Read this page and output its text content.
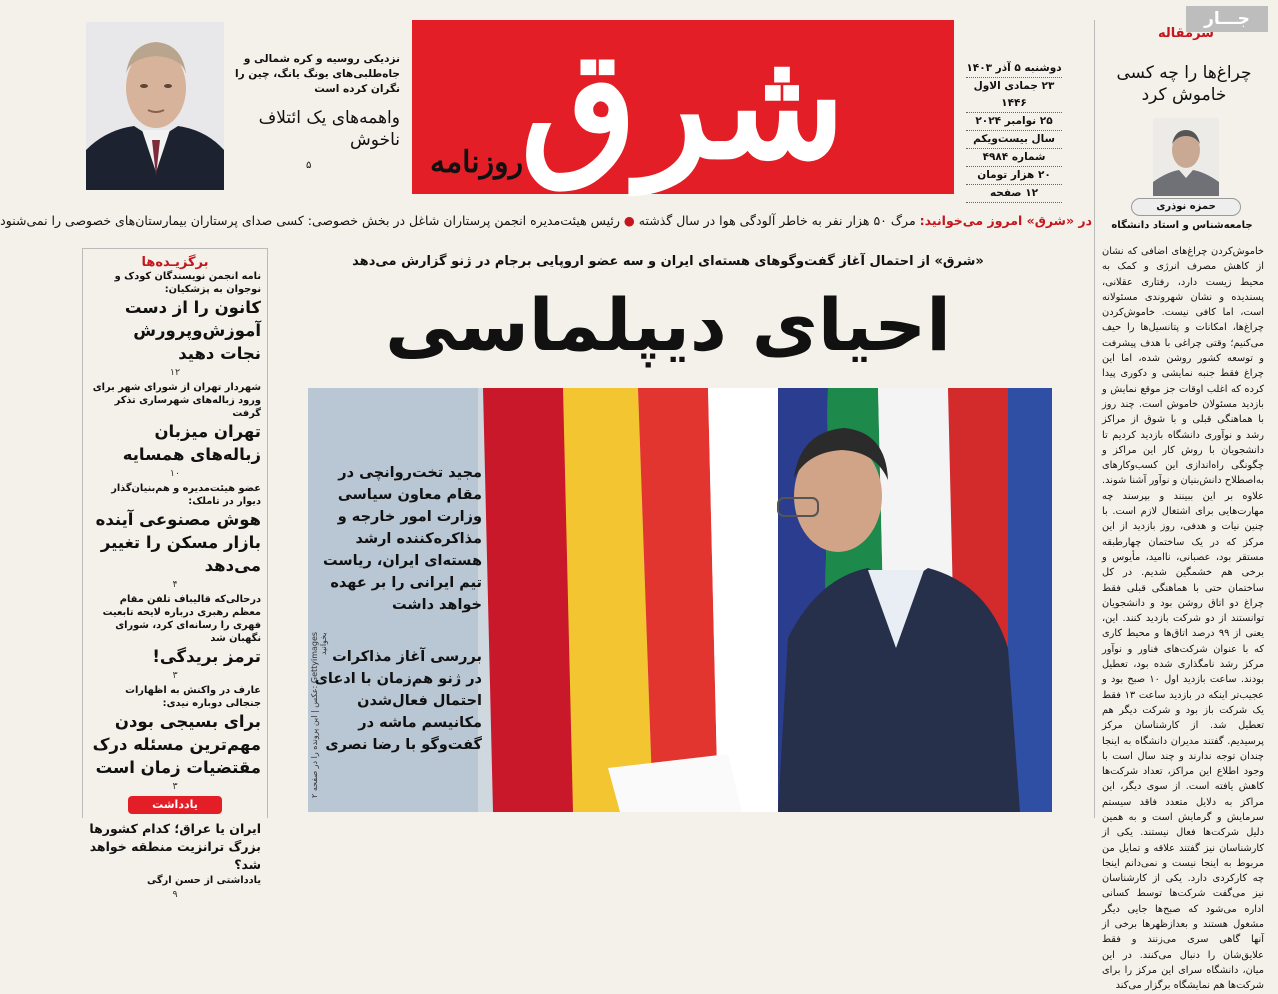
جـــار
نزدیکی روسیه و کره شمالی و جاه‌طلبی‌های یونگ یانگ، چین را نگران کرده است
واهمه‌های یک ائتلاف ناخوش
۵	شرق
روزنامه
دوشنبه ۵ آذر ۱۴۰۳
۲۳ جمادی الاول ۱۴۴۶
۲۵ نوامبر ۲۰۲۴
سال بیست‌ویکم
شماره ۴۹۸۴
۲۰ هزار تومان
۱۲ صفحه
در «شرق» امروز می‌خوانید: مرگ ۵۰ هزار نفر به خاطر آلودگی هوا در سال گذشته ● رئیس هیئت‌مدیره انجمن پرستاران شاغل در بخش خصوصی: کسی صدای پرستاران بیمارستان‌های خصوصی را نمی‌شنود
سرمقاله
چراغ‌ها را چه کسی خاموش کرد
حمزه نوذری
جامعه‌شناس و استاد دانشگاه
خاموش‌کردن چراغ‌های اضافی که نشان از کاهش مصرف انرژی و کمک به محیط زیست دارد، رفتاری عقلانی، پسندیده و نشان شهروندی مسئولانه است، اما کافی نیست. خاموش‌کردن چراغ‌ها، امکانات و پتانسیل‌ها را حیف می‌کنیم؛ وقتی چراغی با هدف پیشرفت و توسعه کشور روشن شده، اما این چراغ فقط جنبه نمایشی و دکوری پیدا کرده که اغلب اوقات جز موقع نمایش و بازدید مسئولان خاموش است. چند روز با هماهنگی قبلی و با شوق از مراکز رشد و نوآوری دانشگاه بازدید کردیم تا دانشجویان با روش کار این مراکز و چگونگی راه‌اندازی این کسب‌وکارهای به‌اصطلاح دانش‌بنیان و نوآور آشنا شوند. علاوه بر این ببینند و بپرسند چه مهارت‌هایی برای اشتغال لازم است. با چنین نیات و هدفی، روز بازدید از این مرکز که در یک ساختمان چهارطبقه مستقر بود، عصبانی، ناامید، مأیوس و برخی هم خشمگین شدیم. در کل ساختمان حتی با هماهنگی قبلی فقط چراغ دو اتاق روشن بود و دانشجویان توانستند از دو شرکت بازدید کنند. این، یعنی از ۹۹ درصد اتاق‌ها و محیط کاری که با عنوان شرکت‌های فناور و نوآور مرکز رشد نامگذاری شده بود، تعطیل بودند. ساعت بازدید اول ۱۰ صبح بود و عجیب‌تر اینکه در بازدید ساعت ۱۳ فقط یک شرکت باز بود و شرکت دیگر هم تعطیل شد. از کارشناسان مرکز پرسیدیم. گفتند مدیران دانشگاه به اینجا چندان توجه ندارند و چند سال است با وجود اطلاع این مراکز، تعداد شرکت‌ها کاهش یافته است. از سوی دیگر، این مراکز به دلایل متعدد فاقد سیستم سرمایش و گرمایش است و به همین دلیل شرکت‌ها فعال نیستند. یکی از کارشناسان نیز گفتند علاقه و تمایل من مربوط به اینجا نیست و نمی‌دانم اینجا چه کارکردی دارد. یکی از کارشناسان نیز می‌گفت شرکت‌ها توسط کسانی اداره می‌شود که صبح‌ها جایی دیگر مشغول هستند و بعدازظهرها برخی از آنها گاهی سری می‌زنند و فقط علایق‌شان را دنبال می‌کنند. در این میان، دانشگاه سرای این مرکز را برای شرکت‌ها هم نمایشگاه برگزار می‌کند
برگزیـده‌ها
نامه انجمن نویسندگان کودک و نوجوان به پزشکیان:
کانون را از دست آموزش‌وپرورش نجات دهید
۱۲
شهردار تهران از شورای شهر برای ورود زباله‌های شهرساری تذکر گرفت
تهران میزبان زباله‌های همسایه
۱۰
عضو هیئت‌مدیره و هم‌بنیان‌گذار دیوار در تاملک:
هوش مصنوعی آینده بازار مسکن را تغییر می‌دهد
۴
درحالی‌که قالیباف تلفن مقام معظم رهبری درباره لایحه تابعیت فهری را رسانه‌ای کرد، شورای نگهبان شد
ترمز بریدگی!
۳
عارف در واکنش به اظهارات جنجالی دوباره نیدی:
برای بسیجی بودن مهم‌ترین مسئله درک مقتضیات زمان است
۳
یادداشت
ایران یا عراق؛ کدام کشورها بزرگ ترانزیت منطقه خواهد شد؟
یادداشتی از حسن ارگی
۹
«شرق» از احتمال آغاز گفت‌وگوهای هسته‌ای ایران و سه عضو اروپایی برجام در ژنو گزارش می‌دهد
احیای دیپلماسی
مجید تخت‌روانچی در مقام معاون سیاسی وزارت امور خارجه و مذاکره‌کننده ارشد هسته‌ای ایران، ریاست تیم ایرانی را بر عهده خواهد داشت
بررسی آغاز مذاکرات در ژنو هم‌زمان با ادعای احتمال فعال‌شدن مکانیسم ماشه در گفت‌وگو با رضا نصری
Gettyimages :عکس | این پرونده را در صفحه ۲ بخوانید
